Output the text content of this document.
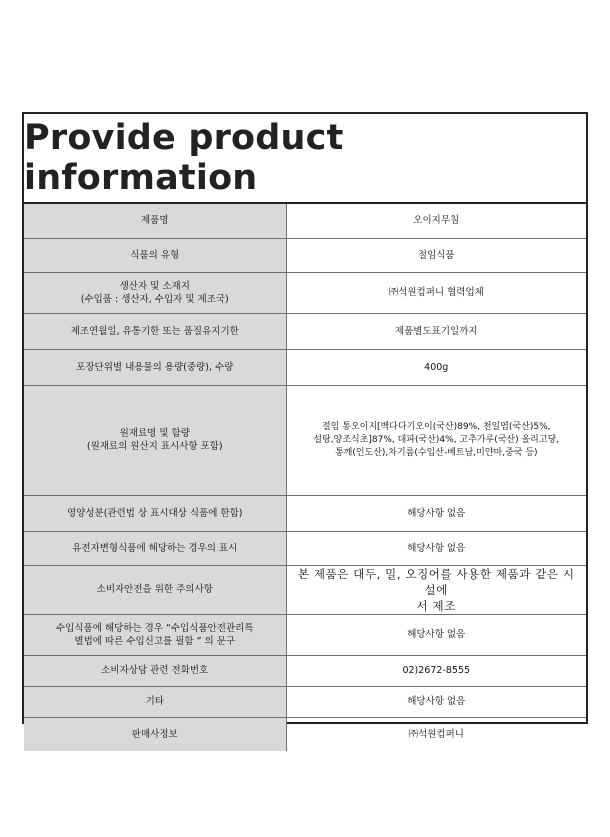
Provide product information
제품명	오이지무침

식품의 유형	절임식품

생산자 및 소재지
(수입품 : 생산자, 수입자 및 제조국)	㈜석원컴퍼니 협력업체

제조연월일, 유통기한 또는 품질유지기한	제품별도표기일까지

포장단위별 내용물의 용량(중량), 수량	400g

원재료명 및 함량
(원재료의 원산지 표시사항 포함)	절임 통오이지[백다다기오이(국산)89%, 천일염(국산)5%,
설탕,양조식초]87%, 대파(국산)4%, 고추가루(국산) 올리고당,
통깨(인도산),차기름(수입산-베트남,미얀마,중국 등)

영양성분(관련법 상 표시대상 식품에 한함)	해당사항 없음

유전자변형식품에 해당하는 경우의 표시	해당사항 없음

소비자안전을 위한 주의사항	본 제품은 대두, 밀, 오징어를 사용한 제품과 같은 시설에
서 제조

수입식품에 해당하는 경우 “수입식품안전관리특
별법에 따른 수입신고를 필함 ” 의 문구	해당사항 없음

소비자상담 관련 전화번호	02)2672-8555

기타	해당사항 없음

판매사정보	㈜석원컴퍼니
